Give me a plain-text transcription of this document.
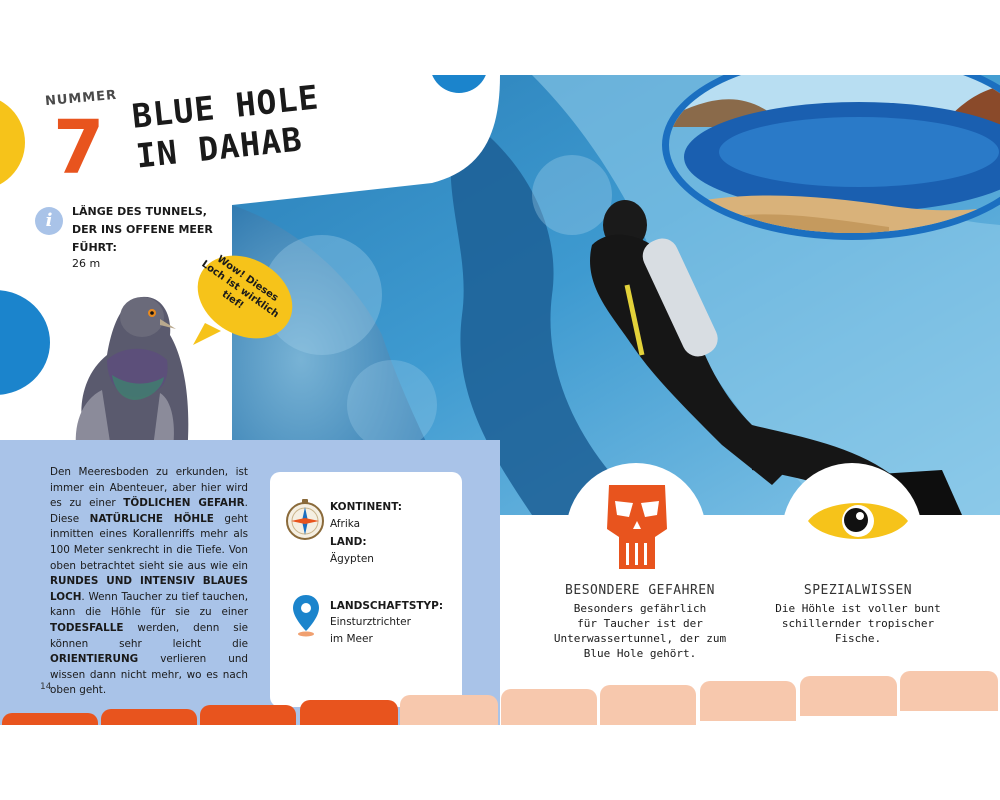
NUMMER
7 BLUE HOLE
IN DAHAB
i	LÄNGE DES TUNNELS, DER INS OFFENE MEER FÜHRT:
26 m	Wow! Dieses Loch ist wirklich tief!
Den Meeresboden zu erkunden, ist immer ein Abenteuer, aber hier wird es zu einer TÖDLICHEN GEFAHR. Diese NATÜRLICHE HÖHLE geht inmitten eines Korallenriffs mehr als 100 Meter senkrecht in die Tiefe. Von oben betrachtet sieht sie aus wie ein RUNDES UND INTENSIV BLAUES LOCH. Wenn Taucher zu tief tauchen, kann die Höhle für sie zu einer TODESFALLE werden, denn sie können sehr leicht die ORIENTIERUNG verlieren und wissen dann nicht mehr, wo es nach oben geht.
KONTINENT:
Afrika
LAND:
Ägypten
LANDSCHAFTSTYP:
Einsturztrichter
im Meer
BESONDERE GEFAHREN
Besonders gefährlich
für Taucher ist der
Unterwassertunnel, der zum
Blue Hole gehört.
SPEZIALWISSEN
Die Höhle ist voller bunt
schillernder tropischer
Fische.
14
